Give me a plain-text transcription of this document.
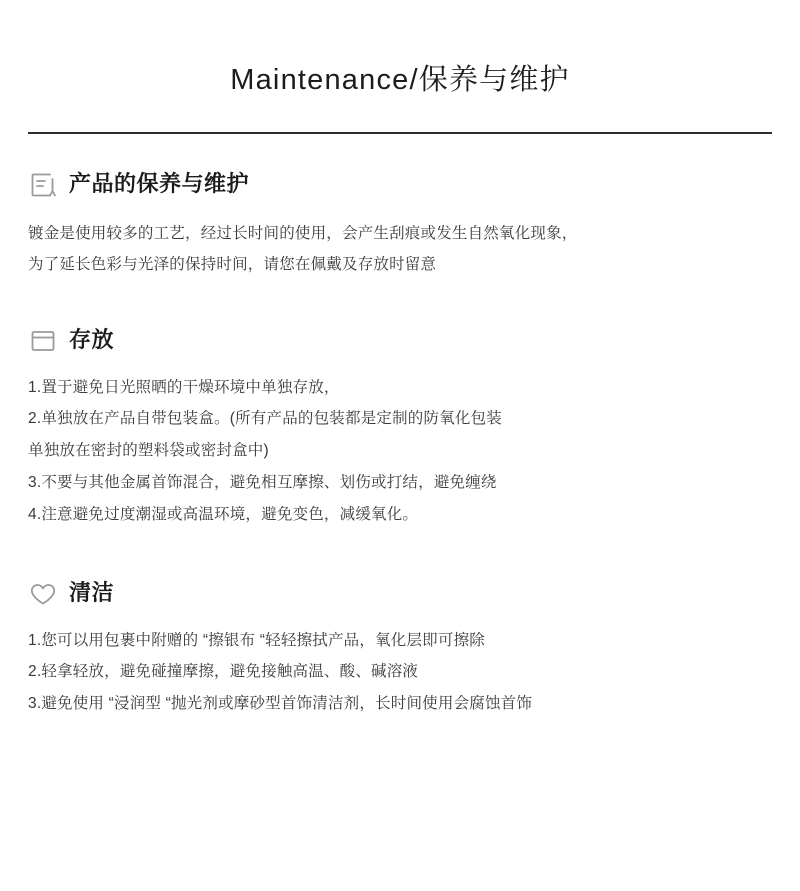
Maintenance/保养与维护
产品的保养与维护

镀金是使用较多的工艺，经过长时间的使用，会产生刮痕或发生自然氧化现象，

为了延长色彩与光泽的保持时间，请您在佩戴及存放时留意

存放
1.置于避免日光照晒的干燥环境中单独存放，
2.单独放在产品自带包装盒。(所有产品的包装都是定制的防氧化包装
单独放在密封的塑料袋或密封盒中)
3.不要与其他金属首饰混合，避免相互摩擦、划伤或打结，避免缠绕
4.注意避免过度潮湿或高温环境，避免变色，减缓氧化。
清洁
1.您可以用包裹中附赠的 “擦银布 “轻轻擦拭产品，氧化层即可擦除
2.轻拿轻放，避免碰撞摩擦，避免接触高温、酸、碱溶液
3.避免使用 “浸润型 “抛光剂或摩砂型首饰清洁剂，长时间使用会腐蚀首饰
